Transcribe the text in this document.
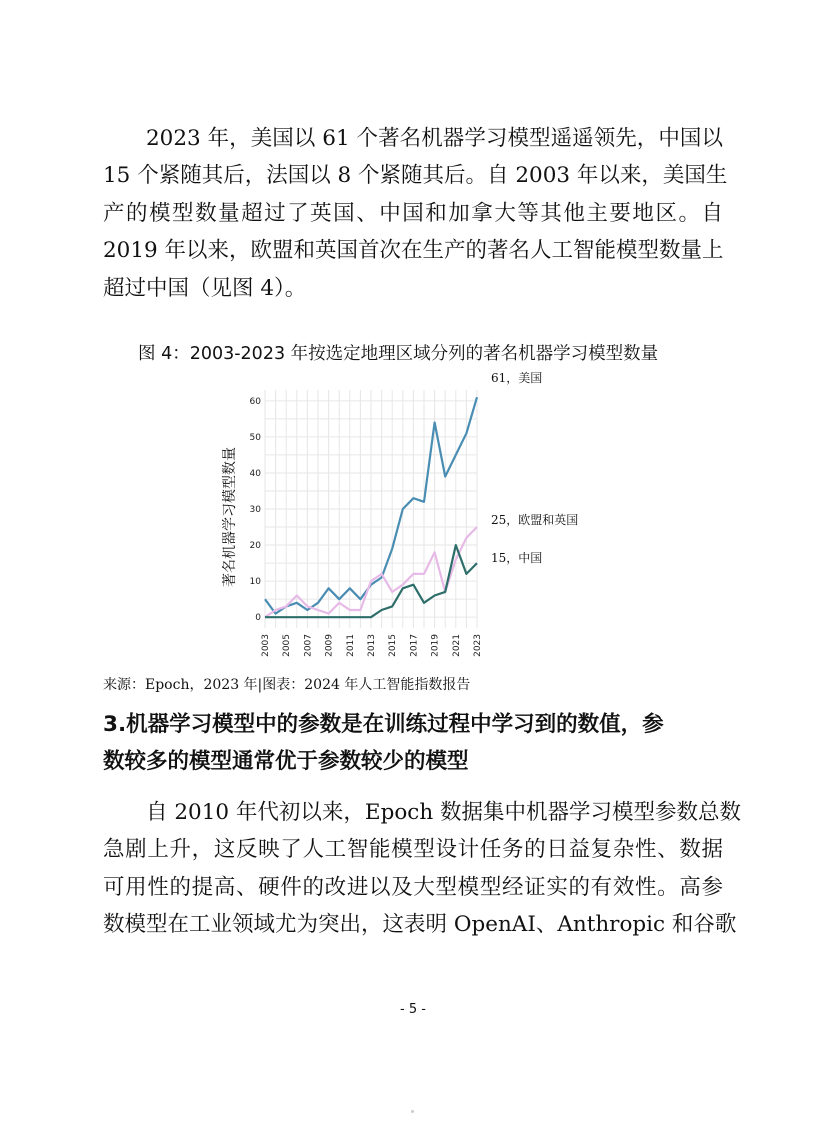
2023 年，美国以 61 个著名机器学习模型遥遥领先，中国以
15 个紧随其后，法国以 8 个紧随其后。自 2003 年以来，美国生
产的模型数量超过了英国、中国和加拿大等其他主要地区。自
2019 年以来，欧盟和英国首次在生产的著名人工智能模型数量上
超过中国（见图 4）。
图 4：2003-2023 年按选定地理区域分列的著名机器学习模型数量
0
10
20
30
40
50
60
2003 2005 2007 2009 2011 2013 2015 2017 2019 2021 2023
著名机器学习模型数量
61，美国
25，欧盟和英国
15，中国
来源：Epoch，2023 年|图表：2024 年人工智能指数报告
3.机器学习模型中的参数是在训练过程中学习到的数值，参
数较多的模型通常优于参数较少的模型
自 2010 年代初以来，Epoch 数据集中机器学习模型参数总数
急剧上升，这反映了人工智能模型设计任务的日益复杂性、数据
可用性的提高、硬件的改进以及大型模型经证实的有效性。高参
数模型在工业领域尤为突出，这表明 OpenAI、Anthropic 和谷歌
- 5 -
